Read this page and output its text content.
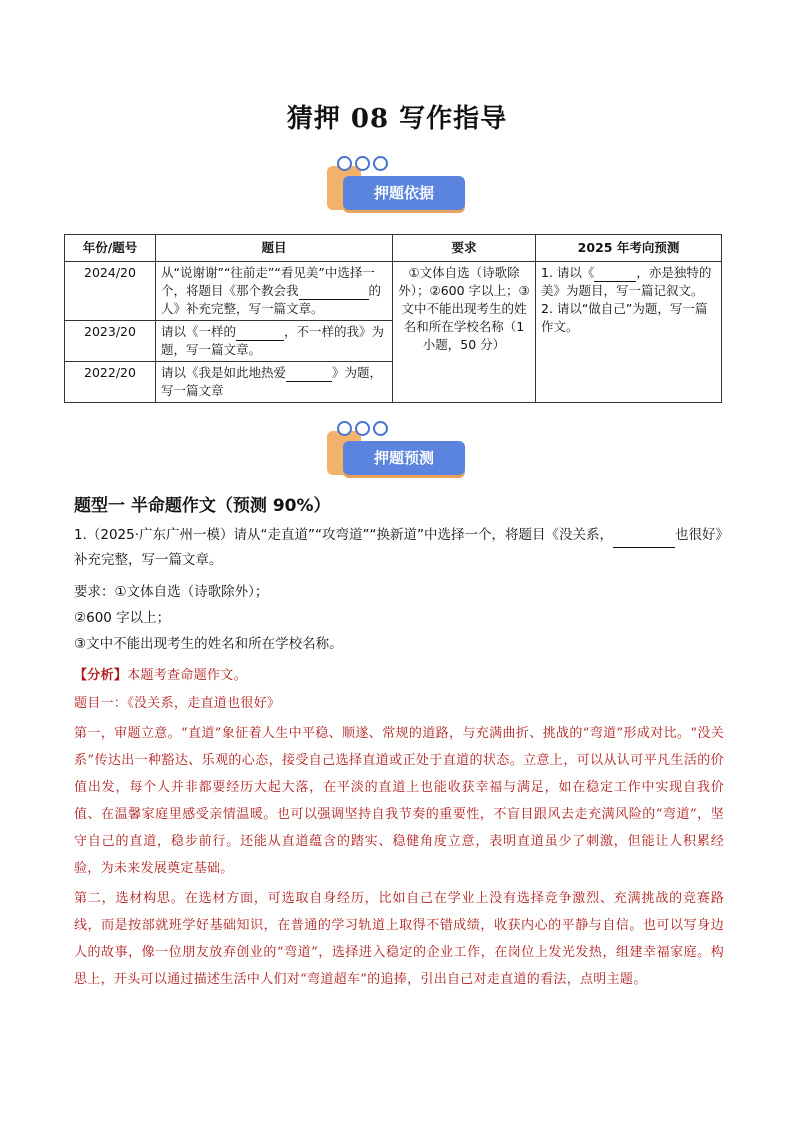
猜押 08 写作指导
押题依据
年份/题号	题目	要求	2025 年考向预测
2024/20	从“说谢谢”“往前走”“看见美”中选择一个，将题目《那个教会我 的人》补充完整，写一篇文章。	①文体自选（诗歌除外）；②600 字以上；③文中不能出现考生的姓名和所在学校名称（1 小题，50 分）	1. 请以《 ，亦是独特的美》为题目，写一篇记叙文。
2. 请以“做自己”为题，写一篇作文。

2023/20	请以《一样的 ，不一样的我》为题，写一篇文章。		
2022/20	请以《我是如此地热爱 》为题，写一篇文章		
押题预测
题型一 半命题作文（预测 90%）
1.（2025·广东广州一模）请从“走直道”“攻弯道”“换新道”中选择一个，将题目《没关系，	也很好》补充完整，写一篇文章。
要求：①文体自选（诗歌除外）；
②600 字以上；
③文中不能出现考生的姓名和所在学校名称。
【分析】本题考查命题作文。
题目一：《没关系，走直道也很好》
第一，审题立意。“直道”象征着人生中平稳、顺遂、常规的道路，与充满曲折、挑战的“弯道”形成对比。“没关系”传达出一种豁达、乐观的心态，接受自己选择直道或正处于直道的状态。立意上，可以从认可平凡生活的价值出发，每个人并非都要经历大起大落，在平淡的直道上也能收获幸福与满足，如在稳定工作中实现自我价值、在温馨家庭里感受亲情温暖。也可以强调坚持自我节奏的重要性，不盲目跟风去走充满风险的“弯道”，坚守自己的直道，稳步前行。还能从直道蕴含的踏实、稳健角度立意，表明直道虽少了刺激，但能让人积累经验，为未来发展奠定基础。
第二，选材构思。在选材方面，可选取自身经历，比如自己在学业上没有选择竞争激烈、充满挑战的竞赛路线，而是按部就班学好基础知识，在普通的学习轨道上取得不错成绩，收获内心的平静与自信。也可以写身边人的故事，像一位朋友放弃创业的“弯道”，选择进入稳定的企业工作，在岗位上发光发热，组建幸福家庭。构思上，开头可以通过描述生活中人们对“弯道超车”的追捧，引出自己对走直道的看法，点明主题。
